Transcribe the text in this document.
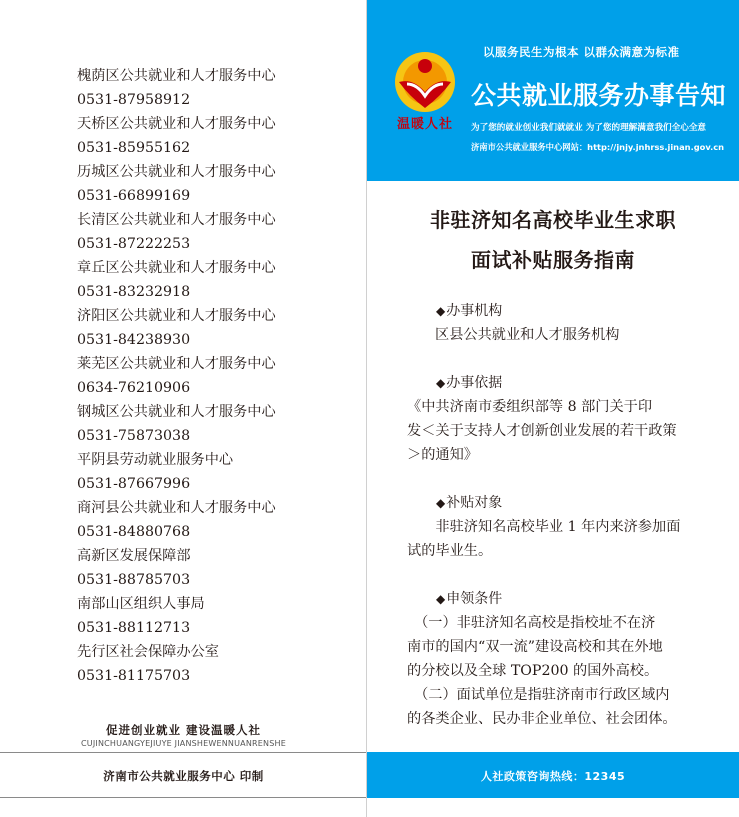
槐荫区公共就业和人才服务中心
0531-87958912
天桥区公共就业和人才服务中心
0531-85955162
历城区公共就业和人才服务中心
0531-66899169
长清区公共就业和人才服务中心
0531-87222253
章丘区公共就业和人才服务中心
0531-83232918
济阳区公共就业和人才服务中心
0531-84238930
莱芜区公共就业和人才服务中心
0634-76210906
钢城区公共就业和人才服务中心
0531-75873038
平阴县劳动就业服务中心
0531-87667996
商河县公共就业和人才服务中心
0531-84880768
高新区发展保障部
0531-88785703
南部山区组织人事局
0531-88112713
先行区社会保障办公室
0531-81175703
促进创业就业 建设温暖人社
CUJINCHUANGYEJIUYE JIANSHEWENNUANRENSHE
济南市公共就业服务中心 印制
温暖人社
以服务民生为根本 以群众满意为标准
公共就业服务办事告知
为了您的就业创业我们就就业 为了您的理解满意我们全心全意
济南市公共就业服务中心网站：http://jnjy.jnhrss.jinan.gov.cn
非驻济知名高校毕业生求职
面试补贴服务指南
◆办事机构
区县公共就业和人才服务机构
◆办事依据
《中共济南市委组织部等 8 部门关于印
发＜关于支持人才创新创业发展的若干政策
＞的通知》
◆补贴对象
　　非驻济知名高校毕业 1 年内来济参加面
试的毕业生。
◆申领条件
　（一）非驻济知名高校是指校址不在济
南市的国内“双一流”建设高校和其在外地
的分校以及全球 TOP200 的国外高校。
　（二）面试单位是指驻济南市行政区域内
的各类企业、民办非企业单位、社会团体。
人社政策咨询热线：12345
